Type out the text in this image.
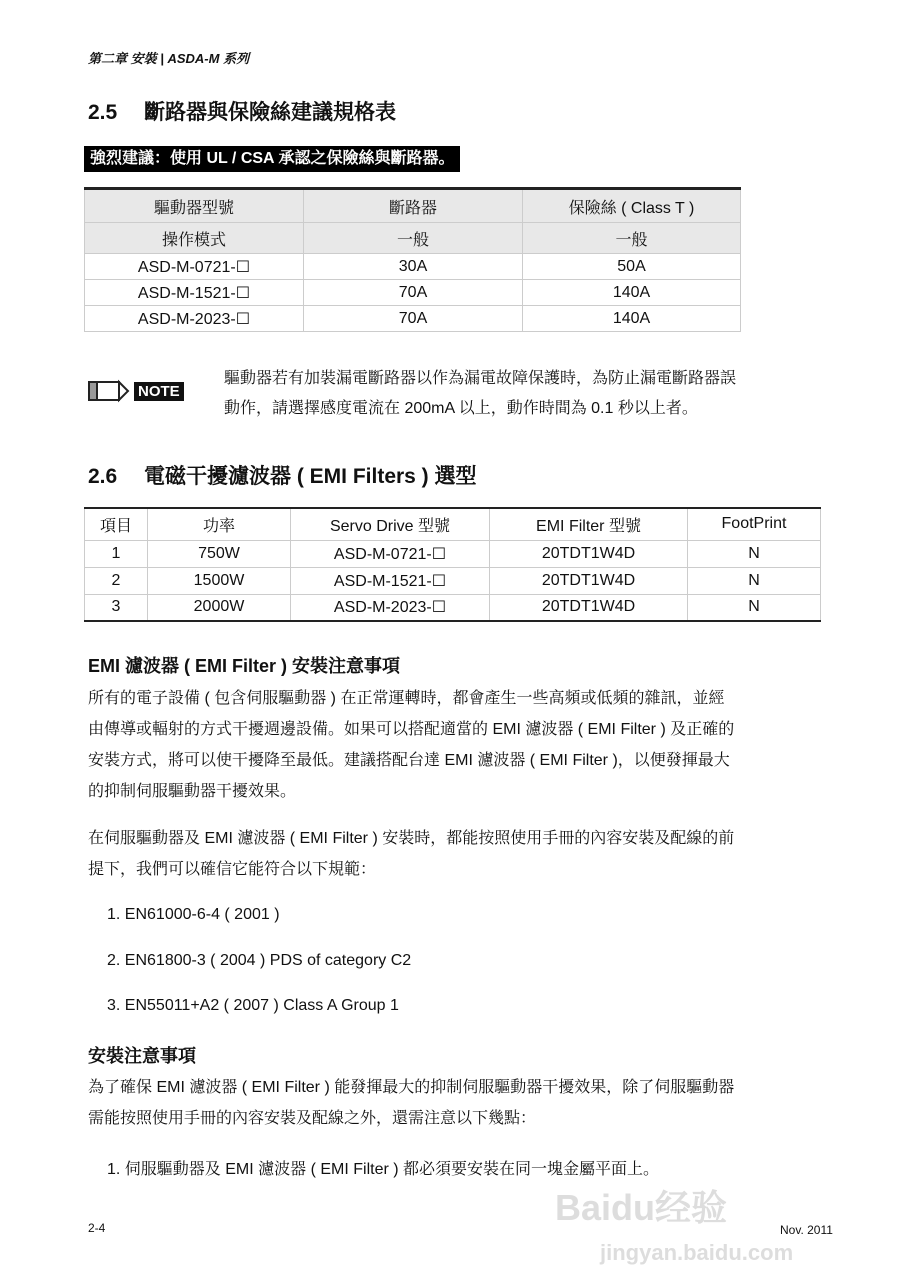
第二章 安裝 | ASDA-M 系列
2.5 斷路器與保險絲建議規格表
強烈建議：使用 UL / CSA 承認之保險絲與斷路器。
驅動器型號	斷路器	保險絲 ( Class T )
操作模式	一般	一般
ASD-M-0721-☐	30A	50A
ASD-M-1521-☐	70A	140A
ASD-M-2023-☐	70A	140A
NOTE
驅動器若有加裝漏電斷路器以作為漏電故障保護時，為防止漏電斷路器誤
動作，請選擇感度電流在 200mA 以上，動作時間為 0.1 秒以上者。
2.6 電磁干擾濾波器 ( EMI Filters ) 選型
項目	功率	Servo Drive 型號	EMI Filter 型號	FootPrint
1	750W	ASD-M-0721-☐	20TDT1W4D	N
2	1500W	ASD-M-1521-☐	20TDT1W4D	N
3	2000W	ASD-M-2023-☐	20TDT1W4D	N
EMI 濾波器 ( EMI Filter ) 安裝注意事項
所有的電子設備 ( 包含伺服驅動器 ) 在正常運轉時，都會產生一些高頻或低頻的雜訊，並經
由傳導或輻射的方式干擾週邊設備。如果可以搭配適當的 EMI 濾波器 ( EMI Filter ) 及正確的
安裝方式，將可以使干擾降至最低。建議搭配台達 EMI 濾波器 ( EMI Filter )，以便發揮最大
的抑制伺服驅動器干擾效果。
在伺服驅動器及 EMI 濾波器 ( EMI Filter ) 安裝時，都能按照使用手冊的內容安裝及配線的前
提下，我們可以確信它能符合以下規範：
1. EN61000-6-4 ( 2001 )
2. EN61800-3 ( 2004 ) PDS of category C2
3. EN55011+A2 ( 2007 ) Class A Group 1
安裝注意事項
為了確保 EMI 濾波器 ( EMI Filter ) 能發揮最大的抑制伺服驅動器干擾效果，除了伺服驅動器
需能按照使用手冊的內容安裝及配線之外，還需注意以下幾點：
1. 伺服驅動器及 EMI 濾波器 ( EMI Filter ) 都必須要安裝在同一塊金屬平面上。
Baidu经验
jingyan.baidu.com
2-4	Nov. 2011
